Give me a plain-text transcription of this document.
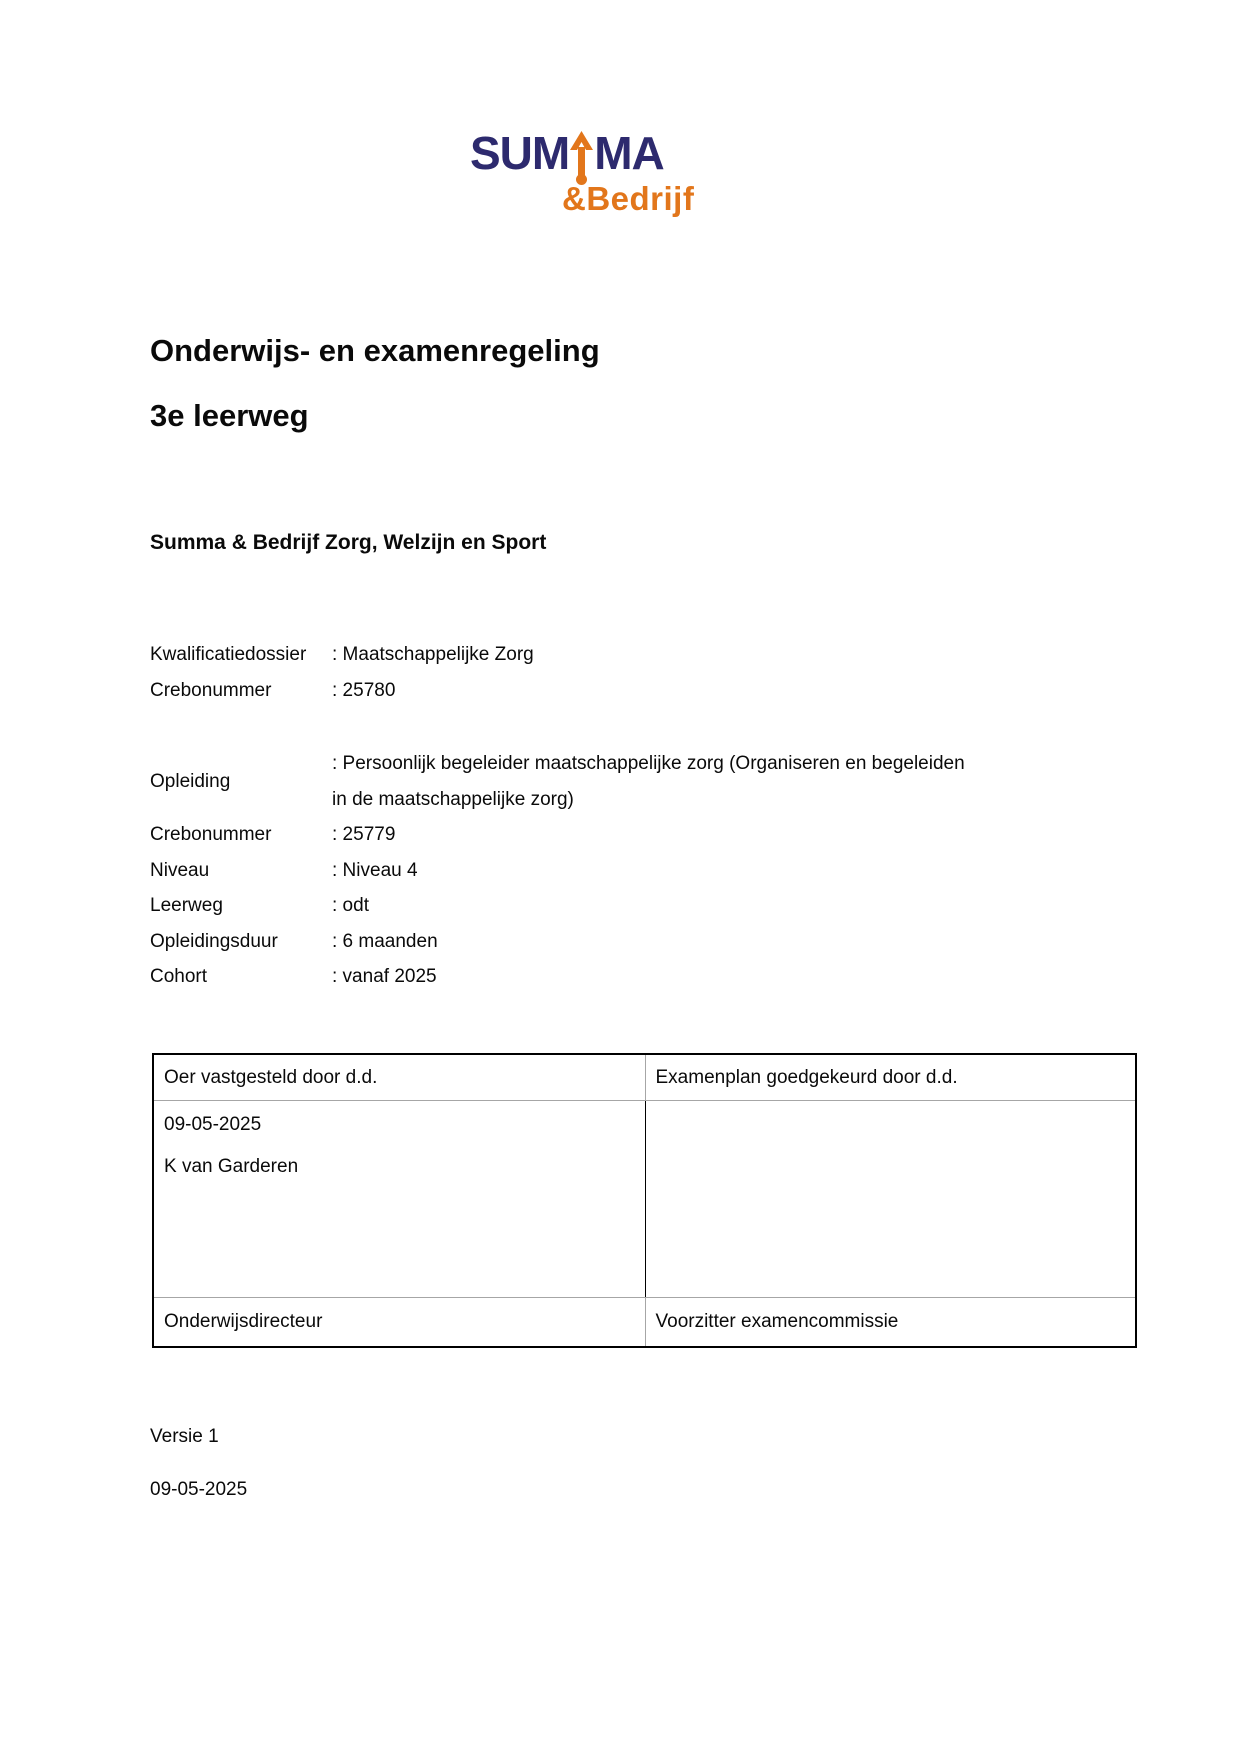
SUM MA
&Bedrijf
Onderwijs- en examenregeling
3e leerweg
Summa & Bedrijf Zorg, Welzijn en Sport
Kwalificatiedossier	: Maatschappelijke Zorg
Crebonummer	: 25780
Opleiding
: Persoonlijk begeleider maatschappelijke zorg (Organiseren en begeleiden in de maatschappelijke zorg)
Crebonummer	: 25779
Niveau	: Niveau 4
Leerweg	: odt
Opleidingsduur	: 6 maanden
Cohort	: vanaf 2025
Oer vastgesteld door d.d.	Examenplan goedgekeurd door d.d.
09-05-2025
K van Garderen
Onderwijsdirecteur	Voorzitter examencommissie
Versie 1
09-05-2025
